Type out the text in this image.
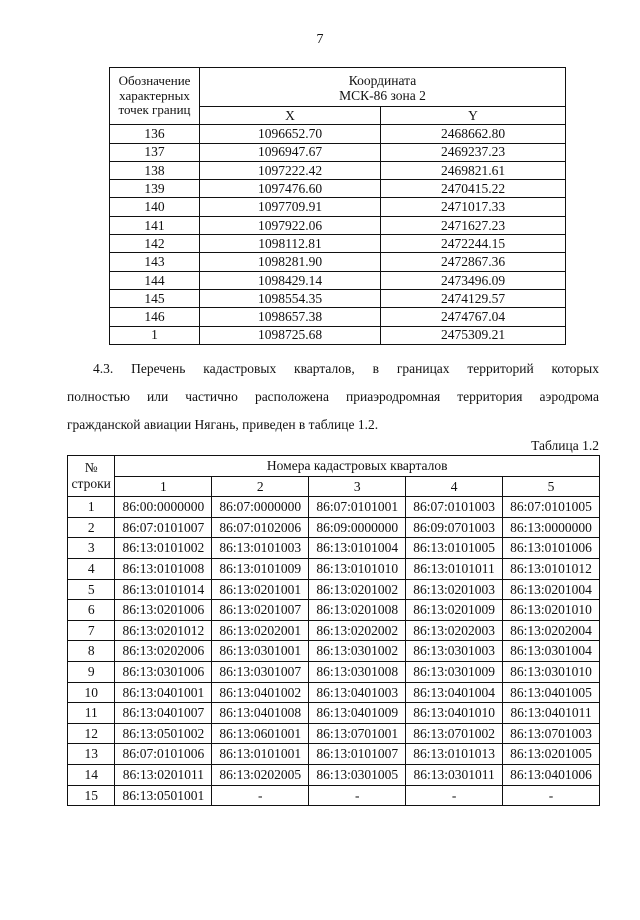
7
Обозначение
характерных
точек границ	Координата
МСК-86 зона 2	
	X	Y
136	1096652.70	2468662.80
137	1096947.67	2469237.23
138	1097222.42	2469821.61
139	1097476.60	2470415.22
140	1097709.91	2471017.33
141	1097922.06	2471627.23
142	1098112.81	2472244.15
143	1098281.90	2472867.36
144	1098429.14	2473496.09
145	1098554.35	2474129.57
146	1098657.38	2474767.04
1	1098725.68	2475309.21

4.3. Перечень кадастровых кварталов, в границах территорий которых
полностью или частично расположена приаэродромная территория аэродрома
гражданской авиации Нягань, приведен в таблице 1.2.

Таблица 1.2
№
строки	Номера кадастровых кварталов				
	1	2	3	4	5
1	86:00:0000000	86:07:0000000	86:07:0101001	86:07:0101003	86:07:0101005
2	86:07:0101007	86:07:0102006	86:09:0000000	86:09:0701003	86:13:0000000
3	86:13:0101002	86:13:0101003	86:13:0101004	86:13:0101005	86:13:0101006
4	86:13:0101008	86:13:0101009	86:13:0101010	86:13:0101011	86:13:0101012
5	86:13:0101014	86:13:0201001	86:13:0201002	86:13:0201003	86:13:0201004
6	86:13:0201006	86:13:0201007	86:13:0201008	86:13:0201009	86:13:0201010
7	86:13:0201012	86:13:0202001	86:13:0202002	86:13:0202003	86:13:0202004
8	86:13:0202006	86:13:0301001	86:13:0301002	86:13:0301003	86:13:0301004
9	86:13:0301006	86:13:0301007	86:13:0301008	86:13:0301009	86:13:0301010
10	86:13:0401001	86:13:0401002	86:13:0401003	86:13:0401004	86:13:0401005
11	86:13:0401007	86:13:0401008	86:13:0401009	86:13:0401010	86:13:0401011
12	86:13:0501002	86:13:0601001	86:13:0701001	86:13:0701002	86:13:0701003
13	86:07:0101006	86:13:0101001	86:13:0101007	86:13:0101013	86:13:0201005
14	86:13:0201011	86:13:0202005	86:13:0301005	86:13:0301011	86:13:0401006
15	86:13:0501001	-	-	-	-
